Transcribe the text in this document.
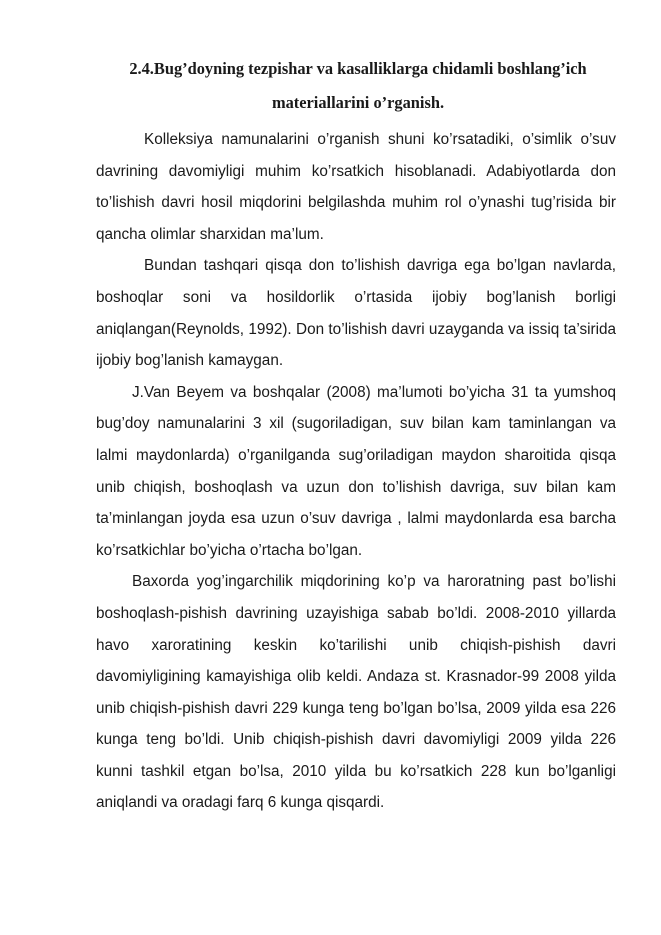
2.4.Bug’doyning tezpishar va kasalliklarga chidamli boshlang’ich
materiallarini o’rganish.

Kolleksiya namunalarini o’rganish shuni ko’rsatadiki, o’simlik o’suv davrining davomiyligi muhim ko’rsatkich hisoblanadi. Adabiyotlarda don to’lishish davri hosil miqdorini belgilashda muhim rol o’ynashi tug’risida bir qancha olimlar sharxidan ma’lum.

Bundan tashqari qisqa don to’lishish davriga ega bo’lgan navlarda, boshoqlar soni va hosildorlik o’rtasida ijobiy bog’lanish borligi aniqlangan(Reynolds, 1992). Don to’lishish davri uzayganda va issiq ta’sirida ijobiy bog’lanish kamaygan.

J.Van Beyem va boshqalar (2008) ma’lumoti bo’yicha 31 ta yumshoq bug’doy namunalarini 3 xil (sugoriladigan, suv bilan kam taminlangan va lalmi maydonlarda) o’rganilganda sug’oriladigan maydon sharoitida qisqa unib chiqish, boshoqlash va uzun don to’lishish davriga, suv bilan kam ta’minlangan joyda esa uzun o’suv davriga , lalmi maydonlarda esa barcha ko’rsatkichlar bo’yicha o’rtacha bo’lgan.

Baxorda yog’ingarchilik miqdorining ko’p va haroratning past bo’lishi boshoqlash-pishish davrining uzayishiga sabab bo’ldi. 2008-2010 yillarda havo xaroratining keskin ko’tarilishi unib chiqish-pishish davri davomiyligining kamayishiga olib keldi. Andaza st. Krasnador-99 2008 yilda unib chiqish-pishish davri 229 kunga teng bo’lgan bo’lsa, 2009 yilda esa 226 kunga teng bo’ldi. Unib chiqish-pishish davri davomiyligi 2009 yilda 226 kunni tashkil etgan bo’lsa, 2010 yilda bu ko’rsatkich 228 kun bo’lganligi aniqlandi va oradagi farq 6 kunga qisqardi.
